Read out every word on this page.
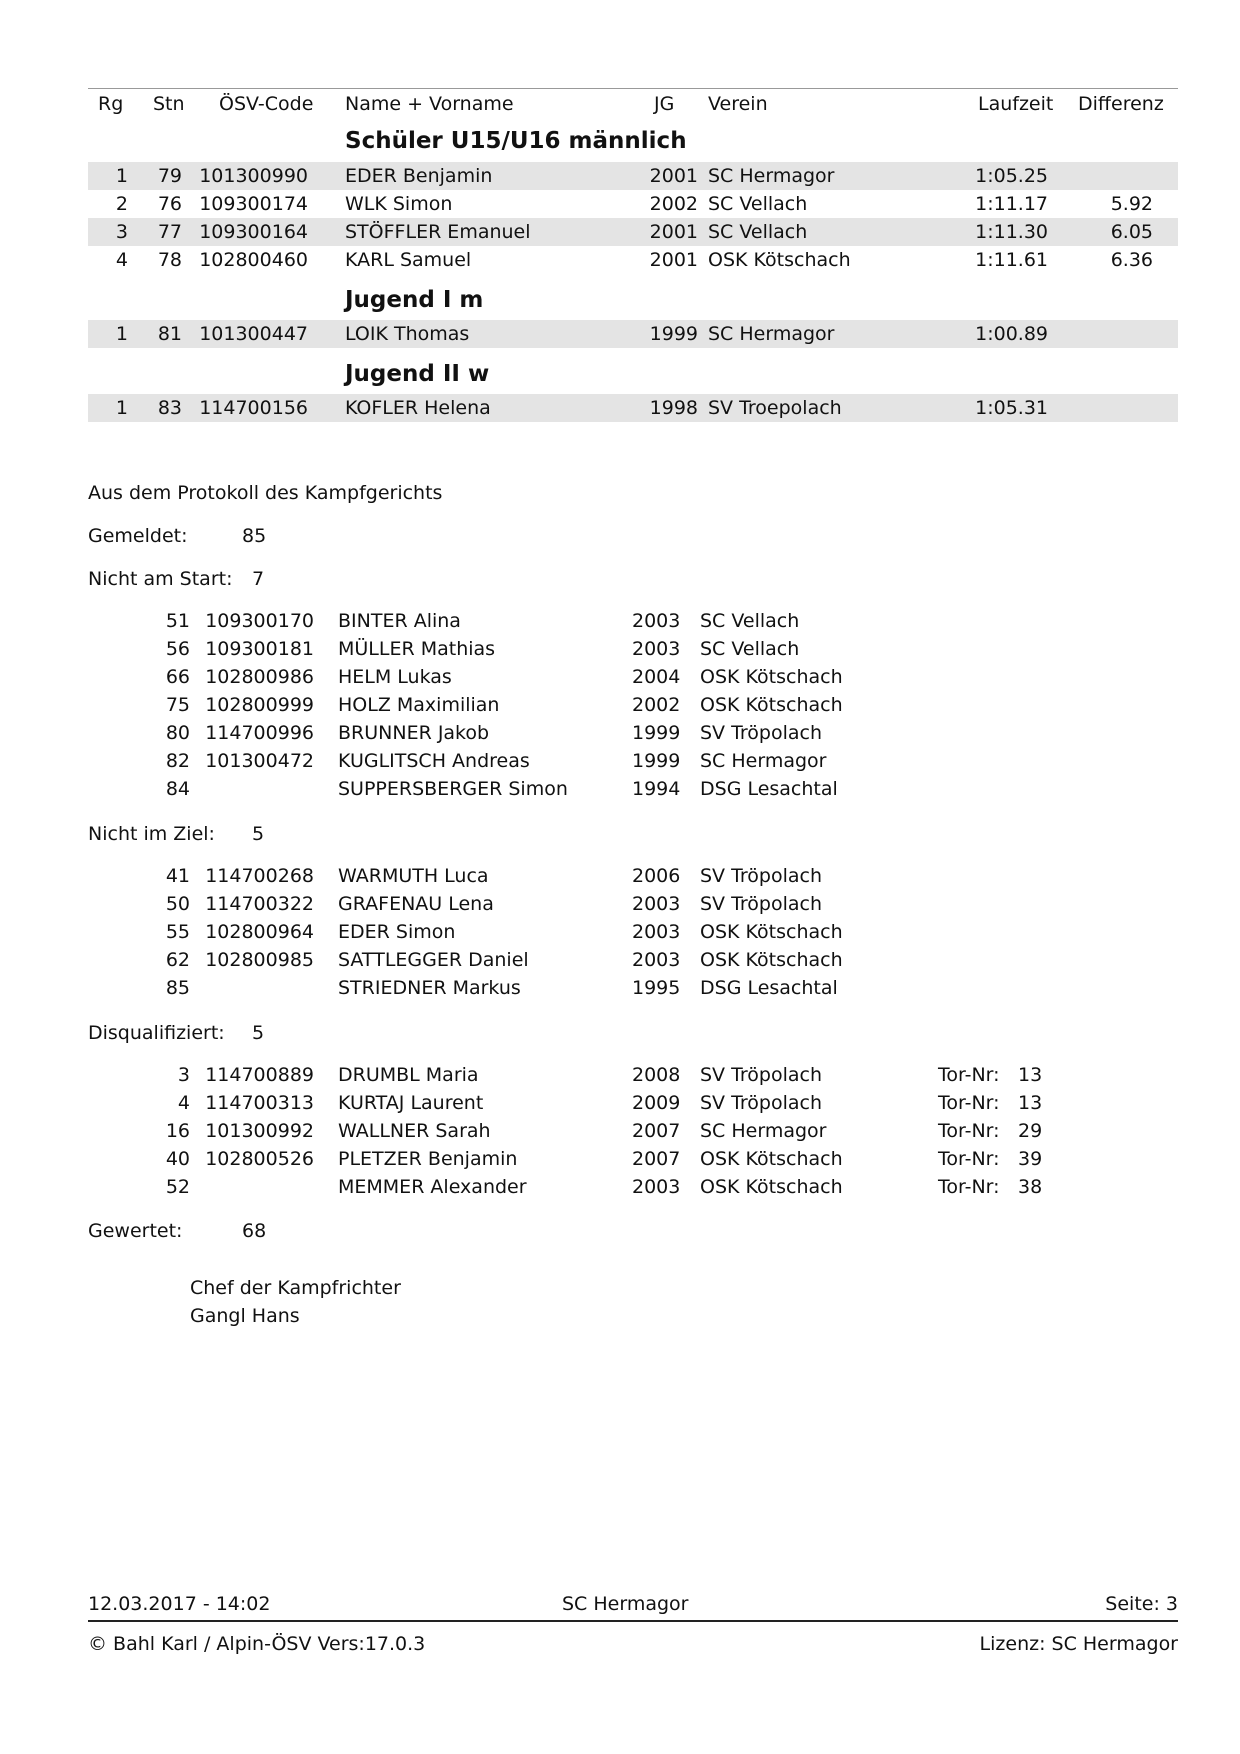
Rg Stn ÖSV-Code Name + Vorname	JG Verein	Laufzeit Differenz
Schüler U15/U16 männlich
1	79 101300990 EDER Benjamin	2001 SC Hermagor	1:05.25
2	76 109300174 WLK Simon	2002 SC Vellach	1:11.17	5.92
3	77 109300164 STÖFFLER Emanuel	2001 SC Vellach	1:11.30	6.05
4	78 102800460 KARL Samuel	2001 OSK Kötschach	1:11.61	6.36
Jugend I m
1	81 101300447 LOIK Thomas	1999 SC Hermagor	1:00.89
Jugend II w
1	83 114700156 KOFLER Helena	1998 SV Troepolach	1:05.31
Aus dem Protokoll des Kampfgerichts
Gemeldet:	85
Nicht am Start: 7
51 109300170 BINTER Alina	2003 SC Vellach
56 109300181 MÜLLER Mathias	2003 SC Vellach
66 102800986 HELM Lukas	2004 OSK Kötschach
75 102800999 HOLZ Maximilian	2002 OSK Kötschach
80 114700996 BRUNNER Jakob	1999 SV Tröpolach
82 101300472 KUGLITSCH Andreas	1999 SC Hermagor
84	SUPPERSBERGER Simon	1994 DSG Lesachtal
Nicht im Ziel: 5
41 114700268 WARMUTH Luca	2006 SV Tröpolach
50 114700322 GRAFENAU Lena	2003 SV Tröpolach
55 102800964 EDER Simon	2003 OSK Kötschach
62 102800985 SATTLEGGER Daniel	2003 OSK Kötschach
85	STRIEDNER Markus	1995 DSG Lesachtal
Disqualifiziert: 5
3 114700889 DRUMBL Maria	2008 SV Tröpolach	Tor-Nr: 13
4 114700313 KURTAJ Laurent	2009 SV Tröpolach	Tor-Nr: 13
16 101300992 WALLNER Sarah	2007 SC Hermagor	Tor-Nr: 29
40 102800526 PLETZER Benjamin	2007 OSK Kötschach	Tor-Nr: 39
52	MEMMER Alexander	2003 OSK Kötschach	Tor-Nr: 38
Gewertet:	68
Chef der Kampfrichter
Gangl Hans
12.03.2017 - 14:02	SC Hermagor	Seite: 3
© Bahl Karl / Alpin-ÖSV Vers:17.0.3	Lizenz: SC Hermagor
